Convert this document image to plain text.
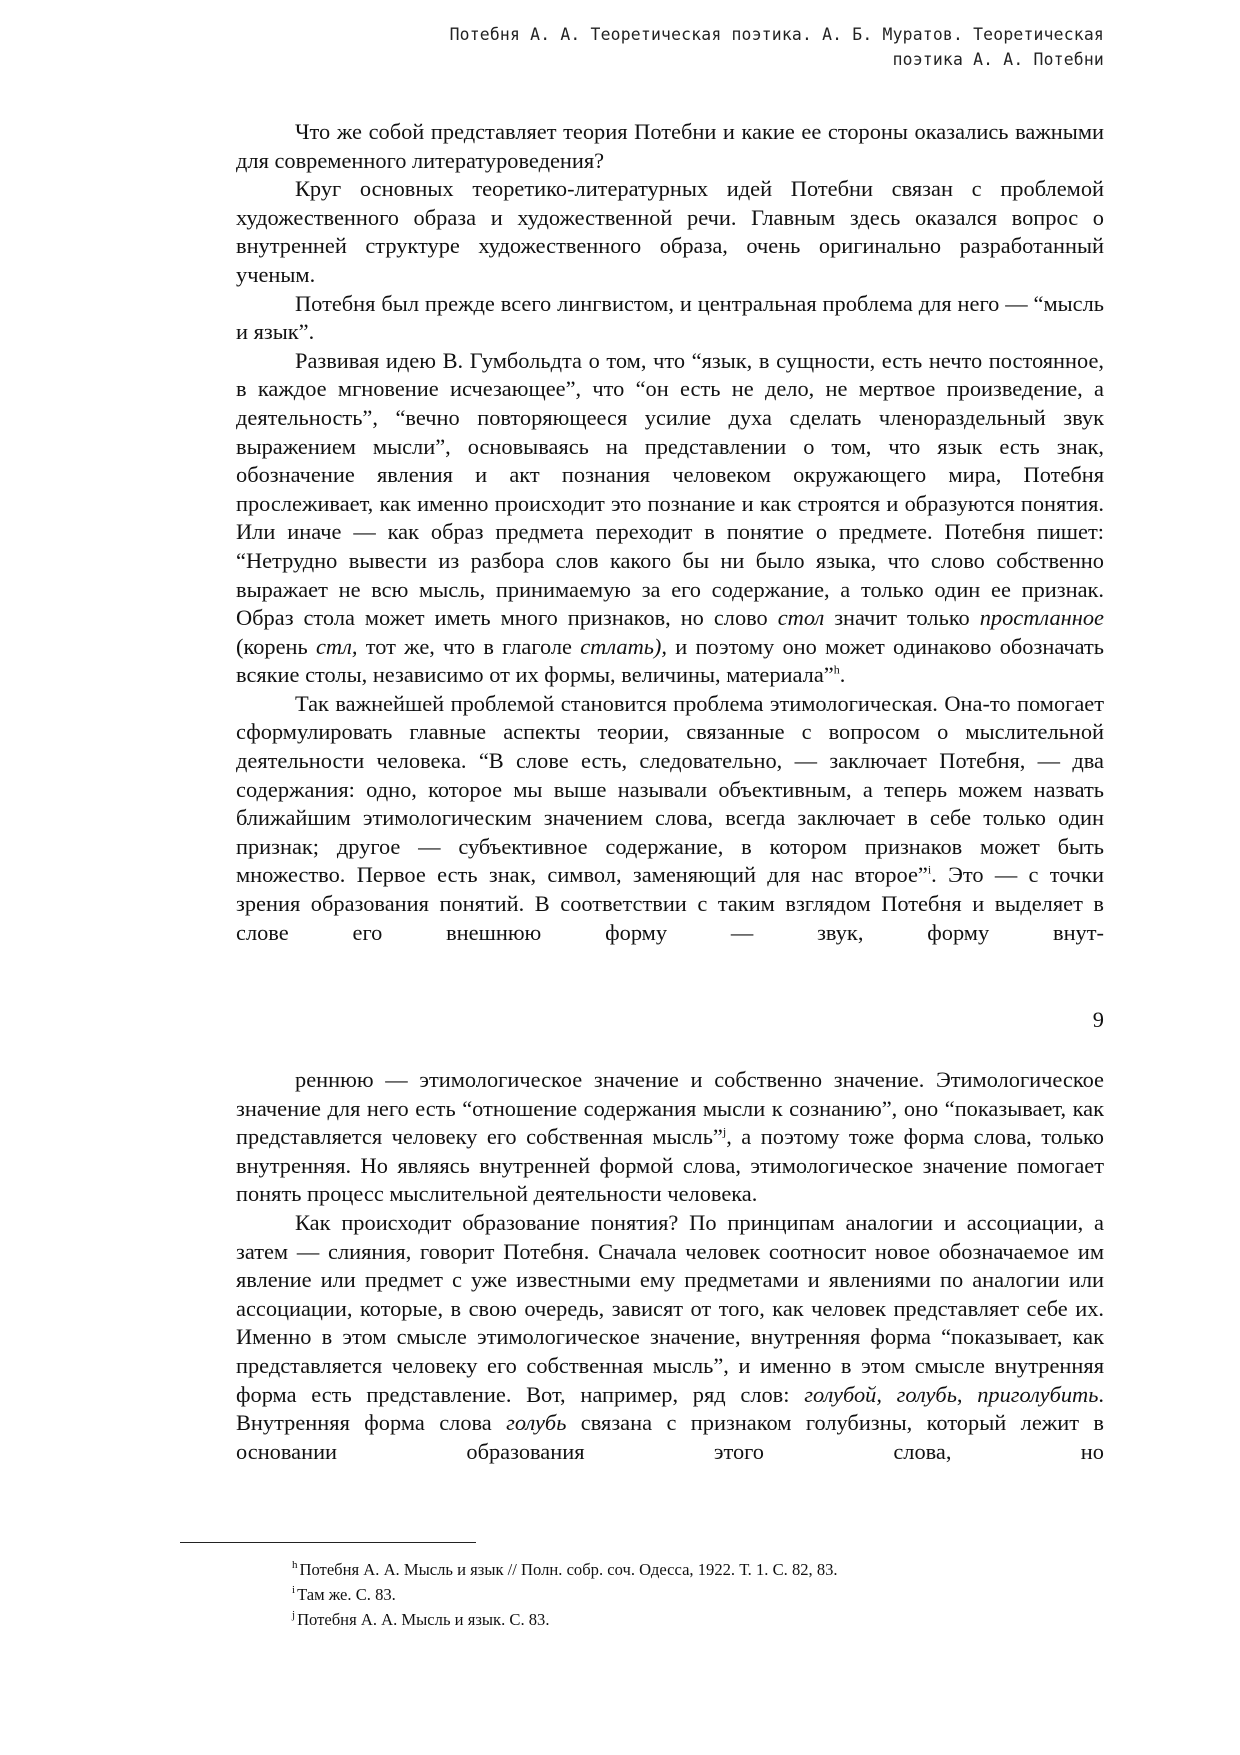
Потебня А. А. Теоретическая поэтика. А. Б. Муратов. Теоретическая
поэтика А. А. Потебни

Что же собой представляет теория Потебни и какие ее стороны оказались важными для современного литературоведения?

Круг основных теоретико-литературных идей Потебни связан с проблемой художественного образа и художественной речи. Главным здесь оказался вопрос о внутренней структуре художественного образа, очень оригинально разработанный ученым.

Потебня был прежде всего лингвистом, и центральная проблема для него — “мысль и язык”.

Развивая идею В. Гумбольдта о том, что “язык, в сущности, есть нечто постоянное, в каждое мгновение исчезающее”, что “он есть не дело, не мертвое произведение, а деятельность”, “вечно повторяющееся усилие духа сделать членораздельный звук выражением мысли”, основываясь на представлении о том, что язык есть знак, обозначение явления и акт познания человеком окружающего мира, Потебня прослеживает, как именно происходит это познание и как строятся и образуются понятия. Или иначе — как образ предмета переходит в понятие о предмете. Потебня пишет: “Нетрудно вывести из разбора слов какого бы ни было языка, что слово собственно выражает не всю мысль, принимаемую за его содержание, а только один ее признак. Образ стола может иметь много признаков, но слово стол значит только простланное (корень стл, тот же, что в глаголе стлать), и поэтому оно может одинаково обозначать всякие столы, независимо от их формы, величины, материала”$^h$.

Так важнейшей проблемой становится проблема этимологическая. Она-то помогает сформулировать главные аспекты теории, связанные с вопросом о мыслительной деятельности человека. “В слове есть, следовательно, — заключает Потебня, — два содержания: одно, которое мы выше называли объективным, а теперь можем назвать ближайшим этимологическим значением слова, всегда заключает в себе только один признак; другое — субъективное содержание, в котором признаков может быть множество. Первое есть знак, символ, заменяющий для нас второе”$^i$. Это — с точки зрения образования понятий. В соответствии с таким взглядом Потебня и выделяет в слове его внешнюю форму — звук, форму внут-

9

реннюю — этимологическое значение и собственно значение. Этимологическое значение для него есть “отношение содержания мысли к сознанию”, оно “показывает, как представляется человеку его собственная мысль”$^j$, а поэтому тоже форма слова, только внутренняя. Но являясь внутренней формой слова, этимологическое значение помогает понять процесс мыслительной деятельности человека.

Как происходит образование понятия? По принципам аналогии и ассоциации, а затем — слияния, говорит Потебня. Сначала человек соотносит новое обозначаемое им явление или предмет с уже известными ему предметами и явлениями по аналогии или ассоциации, которые, в свою очередь, зависят от того, как человек представляет себе их. Именно в этом смысле этимологическое значение, внутренняя форма “показывает, как представляется человеку его собственная мысль”, и именно в этом смысле внутренняя форма есть представление. Вот, например, ряд слов: голубой, голубь, приголубить. Внутренняя форма слова голубь связана с признаком голубизны, который лежит в основании образования этого слова, но

$^h$ Потебня А. А. Мысль и язык // Полн. собр. соч. Одесса, 1922. Т. 1. С. 82, 83.
$^i$ Там же. С. 83.
$^j$ Потебня А. А. Мысль и язык. С. 83.
